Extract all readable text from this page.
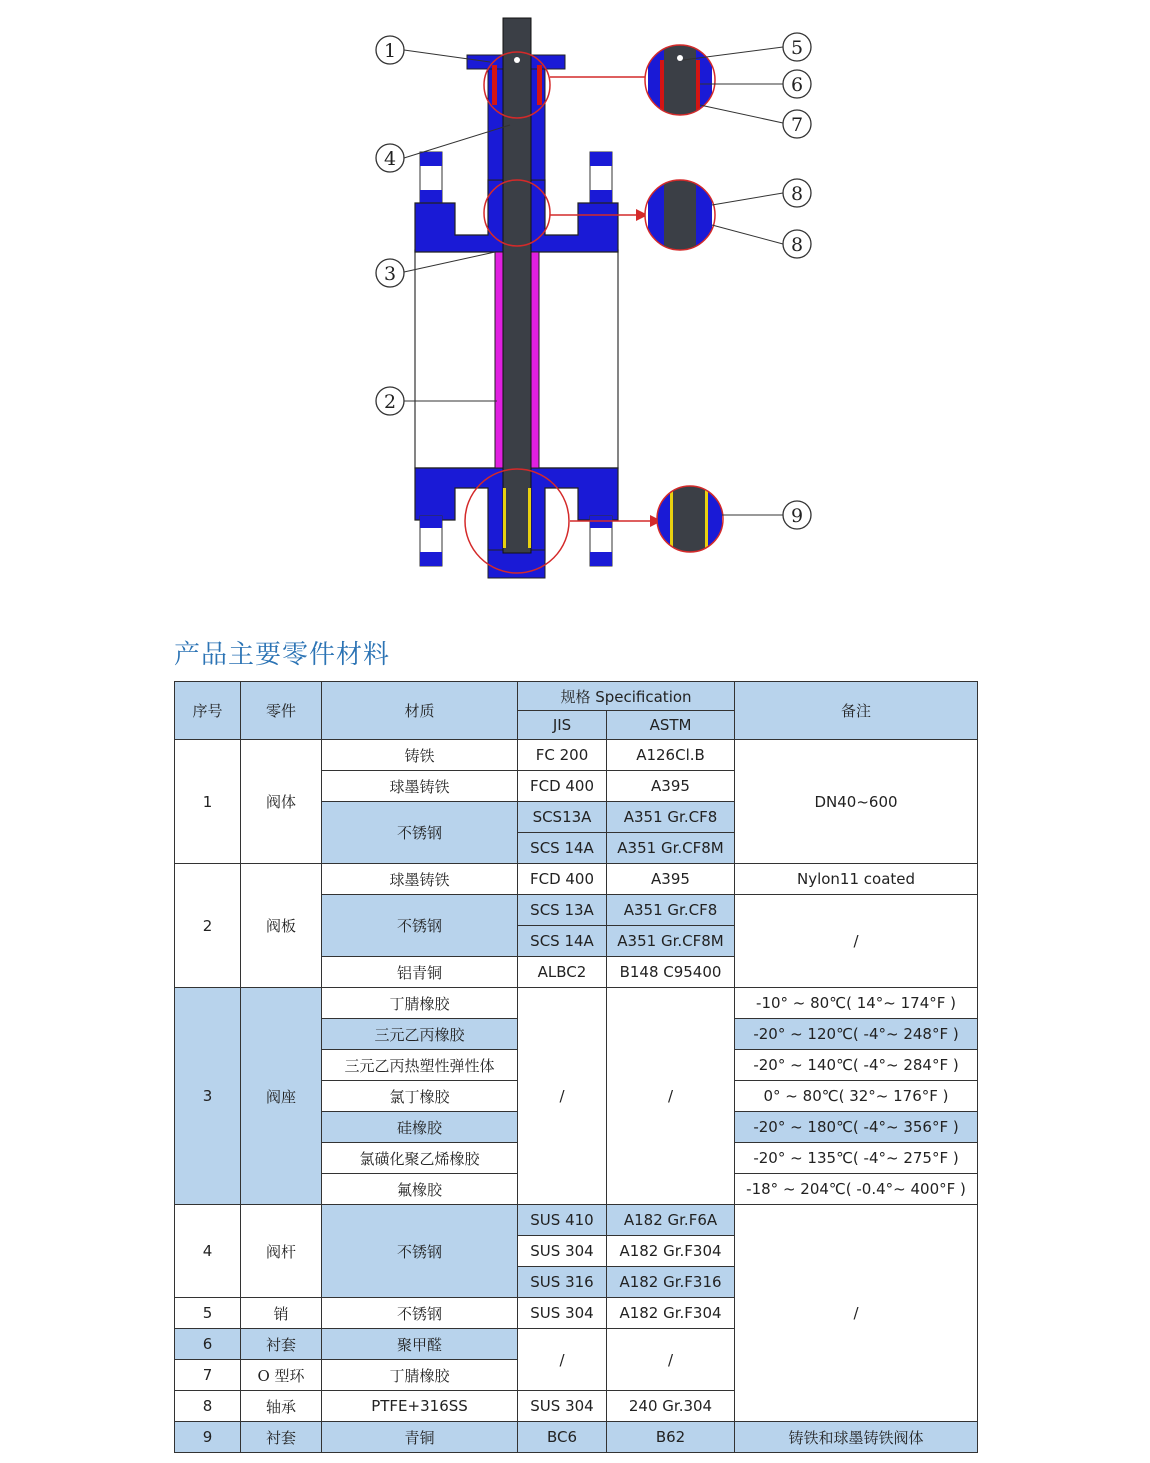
1
2
3
4
5
6
7
8
8
9
产品主要零件材料
序号	零件	材质	规格 Specification		备注
			JIS	ASTM	
1	阀体	铸铁	FC 200	A126Cl.B	DN40~600
		球墨铸铁	FCD 400	A395	
		不锈钢	SCS13A	A351 Gr.CF8	
			SCS 14A	A351 Gr.CF8M	
2	阀板	球墨铸铁	FCD 400	A395	Nylon11 coated
		不锈钢	SCS 13A	A351 Gr.CF8	/
			SCS 14A	A351 Gr.CF8M	
		铝青铜	ALBC2	B148 C95400	
3	阀座	丁腈橡胶	/	/	-10° ~ 80℃( 14°~ 174°F )
		三元乙丙橡胶			-20° ~ 120℃( -4°~ 248°F )
		三元乙丙热塑性弹性体			-20° ~ 140℃( -4°~ 284°F )
		氯丁橡胶			0° ~ 80℃( 32°~ 176°F )
		硅橡胶			-20° ~ 180℃( -4°~ 356°F )
		氯磺化聚乙烯橡胶			-20° ~ 135℃( -4°~ 275°F )
		氟橡胶			-18° ~ 204℃( -0.4°~ 400°F )
4	阀杆	不锈钢	SUS 410	A182 Gr.F6A	/
			SUS 304	A182 Gr.F304	
			SUS 316	A182 Gr.F316	
5	销	不锈钢	SUS 304	A182 Gr.F304	
6	衬套	聚甲醛	/	/	
7	O 型环	丁腈橡胶			
8	轴承	PTFE+316SS	SUS 304	240 Gr.304	
9	衬套	青铜	BC6	B62	铸铁和球墨铸铁阀体
